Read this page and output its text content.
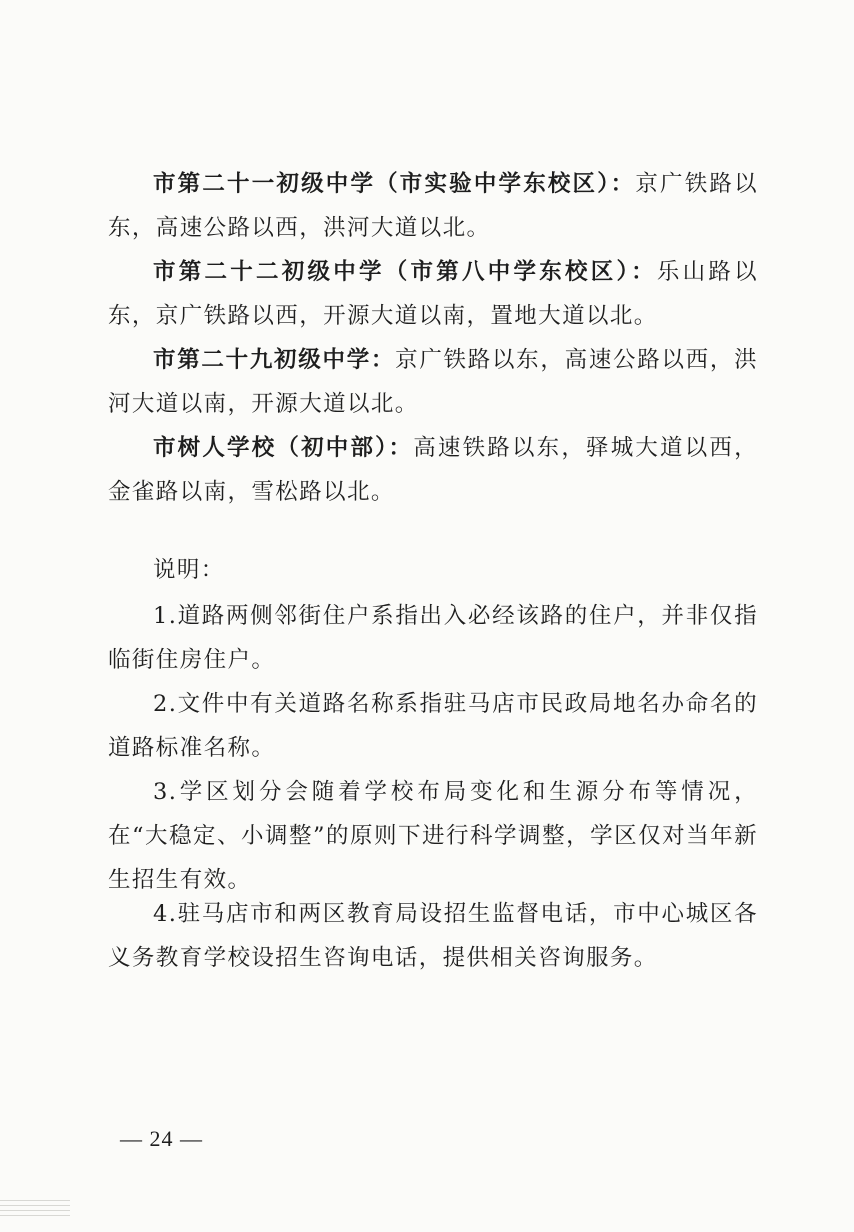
市第二十一初级中学（市实验中学东校区）：京广铁路以东，高速公路以西，洪河大道以北。

市第二十二初级中学（市第八中学东校区）：乐山路以东，京广铁路以西，开源大道以南，置地大道以北。

市第二十九初级中学：京广铁路以东，高速公路以西，洪河大道以南，开源大道以北。

市树人学校（初中部）：高速铁路以东，驿城大道以西，金雀路以南，雪松路以北。

说明：

1.道路两侧邻街住户系指出入必经该路的住户，并非仅指临街住房住户。

2.文件中有关道路名称系指驻马店市民政局地名办命名的道路标准名称。

3.学区划分会随着学校布局变化和生源分布等情况，在“大稳定、小调整”的原则下进行科学调整，学区仅对当年新生招生有效。

4.驻马店市和两区教育局设招生监督电话，市中心城区各义务教育学校设招生咨询电话，提供相关咨询服务。

— 24 —
